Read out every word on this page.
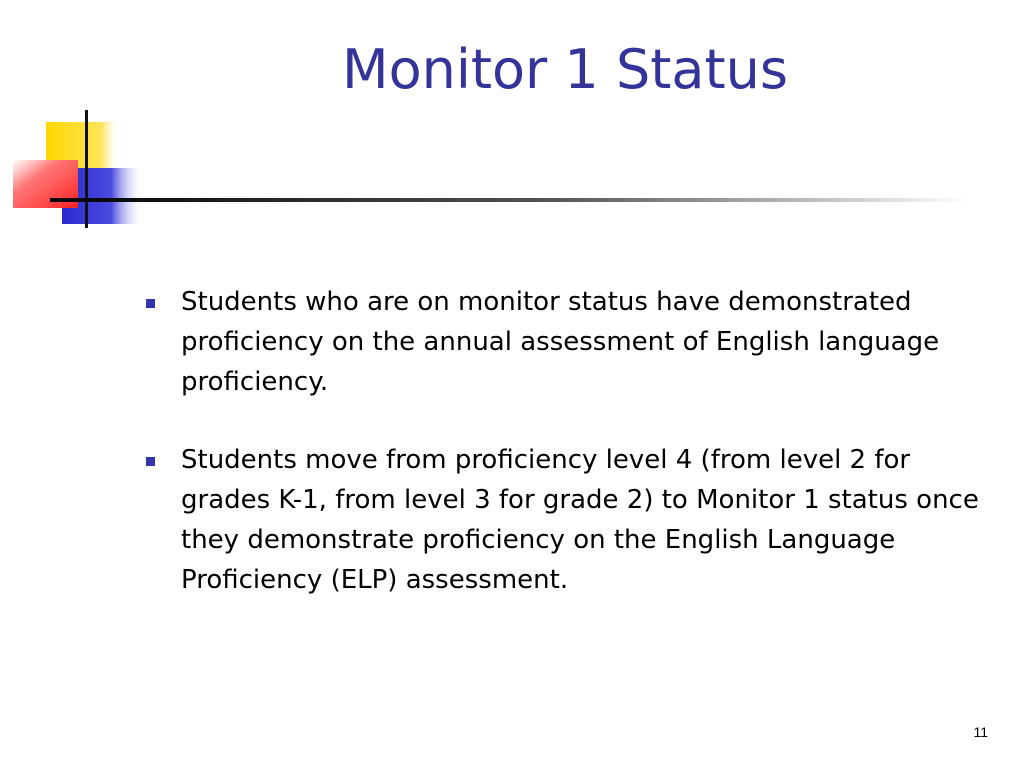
Monitor 1 Status
Students who are on monitor status have demonstrated proficiency on the annual assessment of English language proficiency.
Students move from proficiency level 4 (from level 2 for grades K-1, from level 3 for grade 2) to Monitor 1 status once they demonstrate proficiency on the English Language Proficiency (ELP) assessment.
11
